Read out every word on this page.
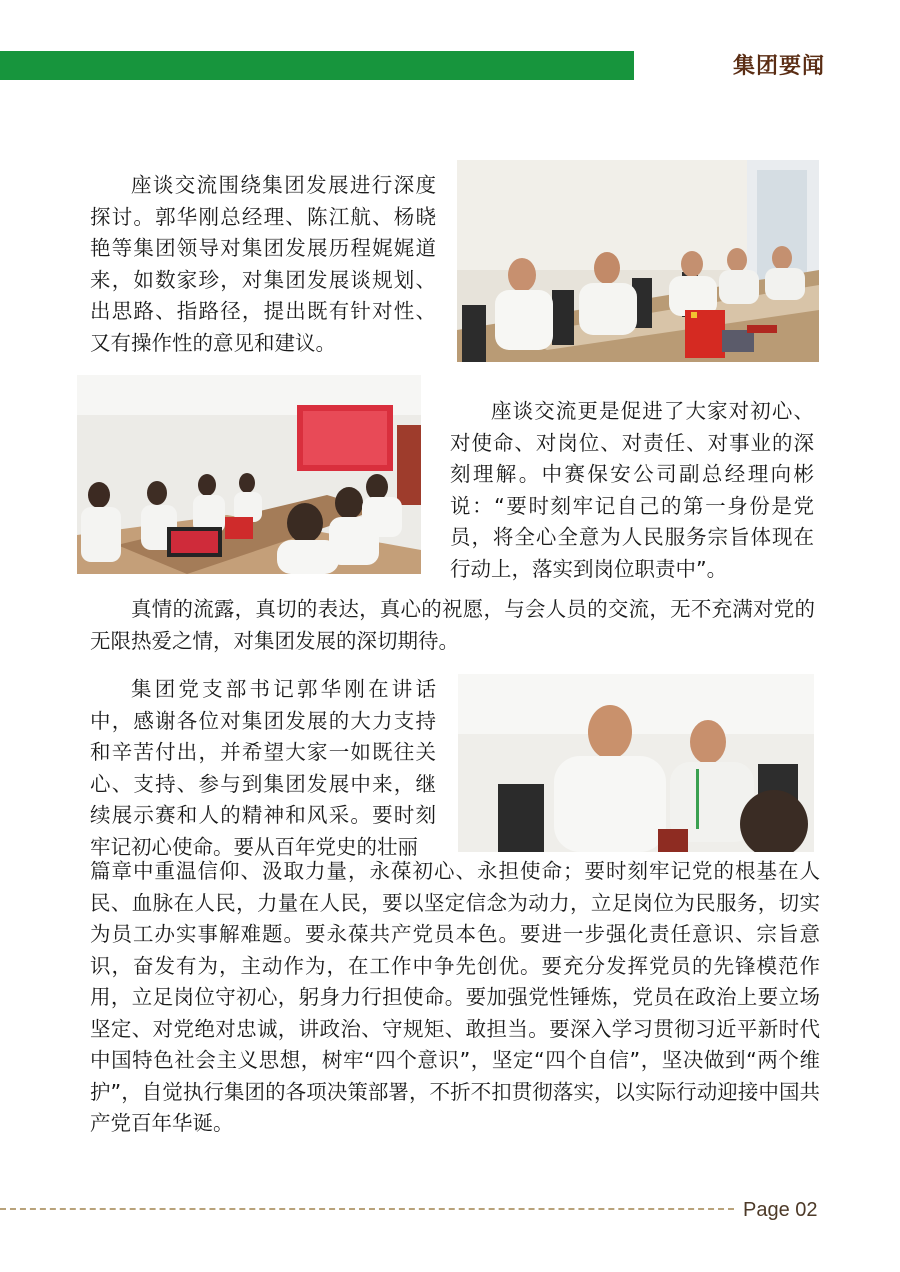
集团要闻

座谈交流围绕集团发展进行深度探讨。郭华刚总经理、陈江航、杨晓艳等集团领导对集团发展历程娓娓道来，如数家珍，对集团发展谈规划、出思路、指路径，提出既有针对性、又有操作性的意见和建议。

座谈交流更是促进了大家对初心、对使命、对岗位、对责任、对事业的深刻理解。中赛保安公司副总经理向彬说：“要时刻牢记自己的第一身份是党员，将全心全意为人民服务宗旨体现在行动上，落实到岗位职责中”。

真情的流露，真切的表达，真心的祝愿，与会人员的交流，无不充满对党的无限热爱之情，对集团发展的深切期待。

集团党支部书记郭华刚在讲话中，感谢各位对集团发展的大力支持和辛苦付出，并希望大家一如既往关心、支持、参与到集团发展中来，继续展示赛和人的精神和风采。要时刻牢记初心使命。要从百年党史的壮丽

篇章中重温信仰、汲取力量，永葆初心、永担使命；要时刻牢记党的根基在人民、血脉在人民，力量在人民，要以坚定信念为动力，立足岗位为民服务，切实为员工办实事解难题。要永葆共产党员本色。要进一步强化责任意识、宗旨意识，奋发有为，主动作为，在工作中争先创优。要充分发挥党员的先锋模范作用，立足岗位守初心，躬身力行担使命。要加强党性锤炼，党员在政治上要立场坚定、对党绝对忠诚，讲政治、守规矩、敢担当。要深入学习贯彻习近平新时代中国特色社会主义思想，树牢“四个意识”，坚定“四个自信”，坚决做到“两个维护”，自觉执行集团的各项决策部署，不折不扣贯彻落实，以实际行动迎接中国共产党百年华诞。

Page 02
